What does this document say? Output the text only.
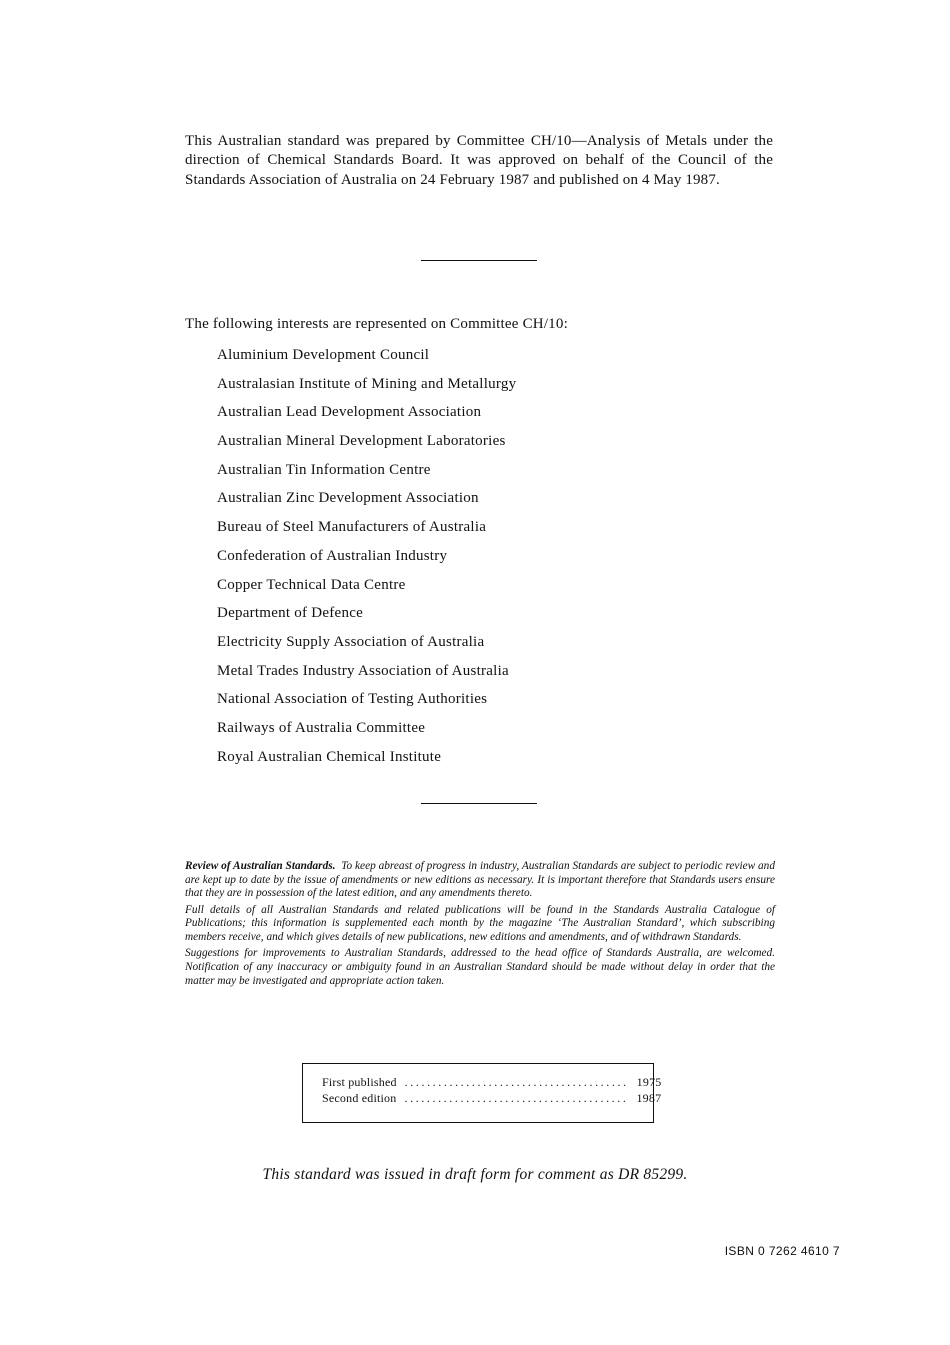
This Australian standard was prepared by Committee CH/10—Analysis of Metals under the direction of Chemical Standards Board. It was approved on behalf of the Council of the Standards Association of Australia on 24 February 1987 and published on 4 May 1987.

The following interests are represented on Committee CH/10:
Aluminium Development Council
Australasian Institute of Mining and Metallurgy
Australian Lead Development Association
Australian Mineral Development Laboratories
Australian Tin Information Centre
Australian Zinc Development Association
Bureau of Steel Manufacturers of Australia
Confederation of Australian Industry
Copper Technical Data Centre
Department of Defence
Electricity Supply Association of Australia
Metal Trades Industry Association of Australia
National Association of Testing Authorities
Railways of Australia Committee
Royal Australian Chemical Institute

Review of Australian Standards. To keep abreast of progress in industry, Australian Standards are subject to periodic review and are kept up to date by the issue of amendments or new editions as necessary. It is important therefore that Standards users ensure that they are in possession of the latest edition, and any amendments thereto.

Full details of all Australian Standards and related publications will be found in the Standards Australia Catalogue of Publications; this information is supplemented each month by the magazine ‘The Australian Standard’, which subscribing members receive, and which gives details of new publications, new editions and amendments, and of withdrawn Standards.

Suggestions for improvements to Australian Standards, addressed to the head office of Standards Australia, are welcomed. Notification of any inaccuracy or ambiguity found in an Australian Standard should be made without delay in order that the matter may be investigated and appropriate action taken.

First published ........................................ 1975
Second edition ........................................ 1987
This standard was issued in draft form for comment as DR 85299.
ISBN 0 7262 4610 7
